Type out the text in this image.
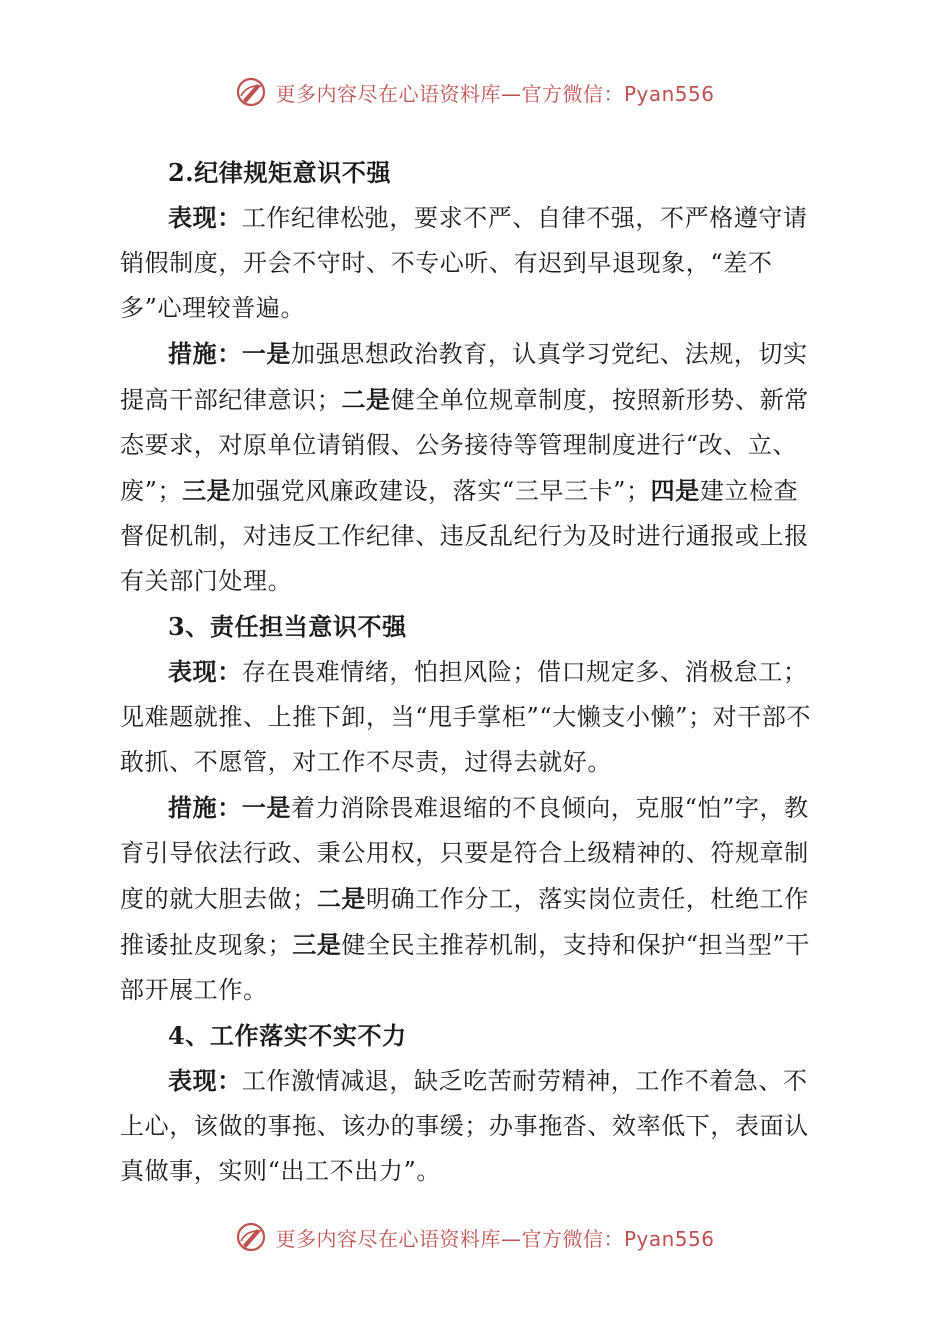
更多内容尽在心语资料库—官方微信：Pyan556

2.纪律规矩意识不强

表现：工作纪律松弛，要求不严、自律不强，不严格遵守请销假制度，开会不守时、不专心听、有迟到早退现象，“差不多”心理较普遍。

措施：一是加强思想政治教育，认真学习党纪、法规，切实提高干部纪律意识；二是健全单位规章制度，按照新形势、新常态要求，对原单位请销假、公务接待等管理制度进行“改、立、废”；三是加强党风廉政建设，落实“三早三卡”；四是建立检查督促机制，对违反工作纪律、违反乱纪行为及时进行通报或上报有关部门处理。

3、责任担当意识不强

表现：存在畏难情绪，怕担风险；借口规定多、消极怠工；见难题就推、上推下卸，当“甩手掌柜”“大懒支小懒”；对干部不敢抓、不愿管，对工作不尽责，过得去就好。

措施：一是着力消除畏难退缩的不良倾向，克服“怕”字，教育引导依法行政、秉公用权，只要是符合上级精神的、符规章制度的就大胆去做；二是明确工作分工，落实岗位责任，杜绝工作推诿扯皮现象；三是健全民主推荐机制，支持和保护“担当型”干部开展工作。

4、工作落实不实不力

表现：工作激情减退，缺乏吃苦耐劳精神，工作不着急、不上心，该做的事拖、该办的事缓；办事拖沓、效率低下，表面认真做事，实则“出工不出力”。

更多内容尽在心语资料库—官方微信：Pyan556
